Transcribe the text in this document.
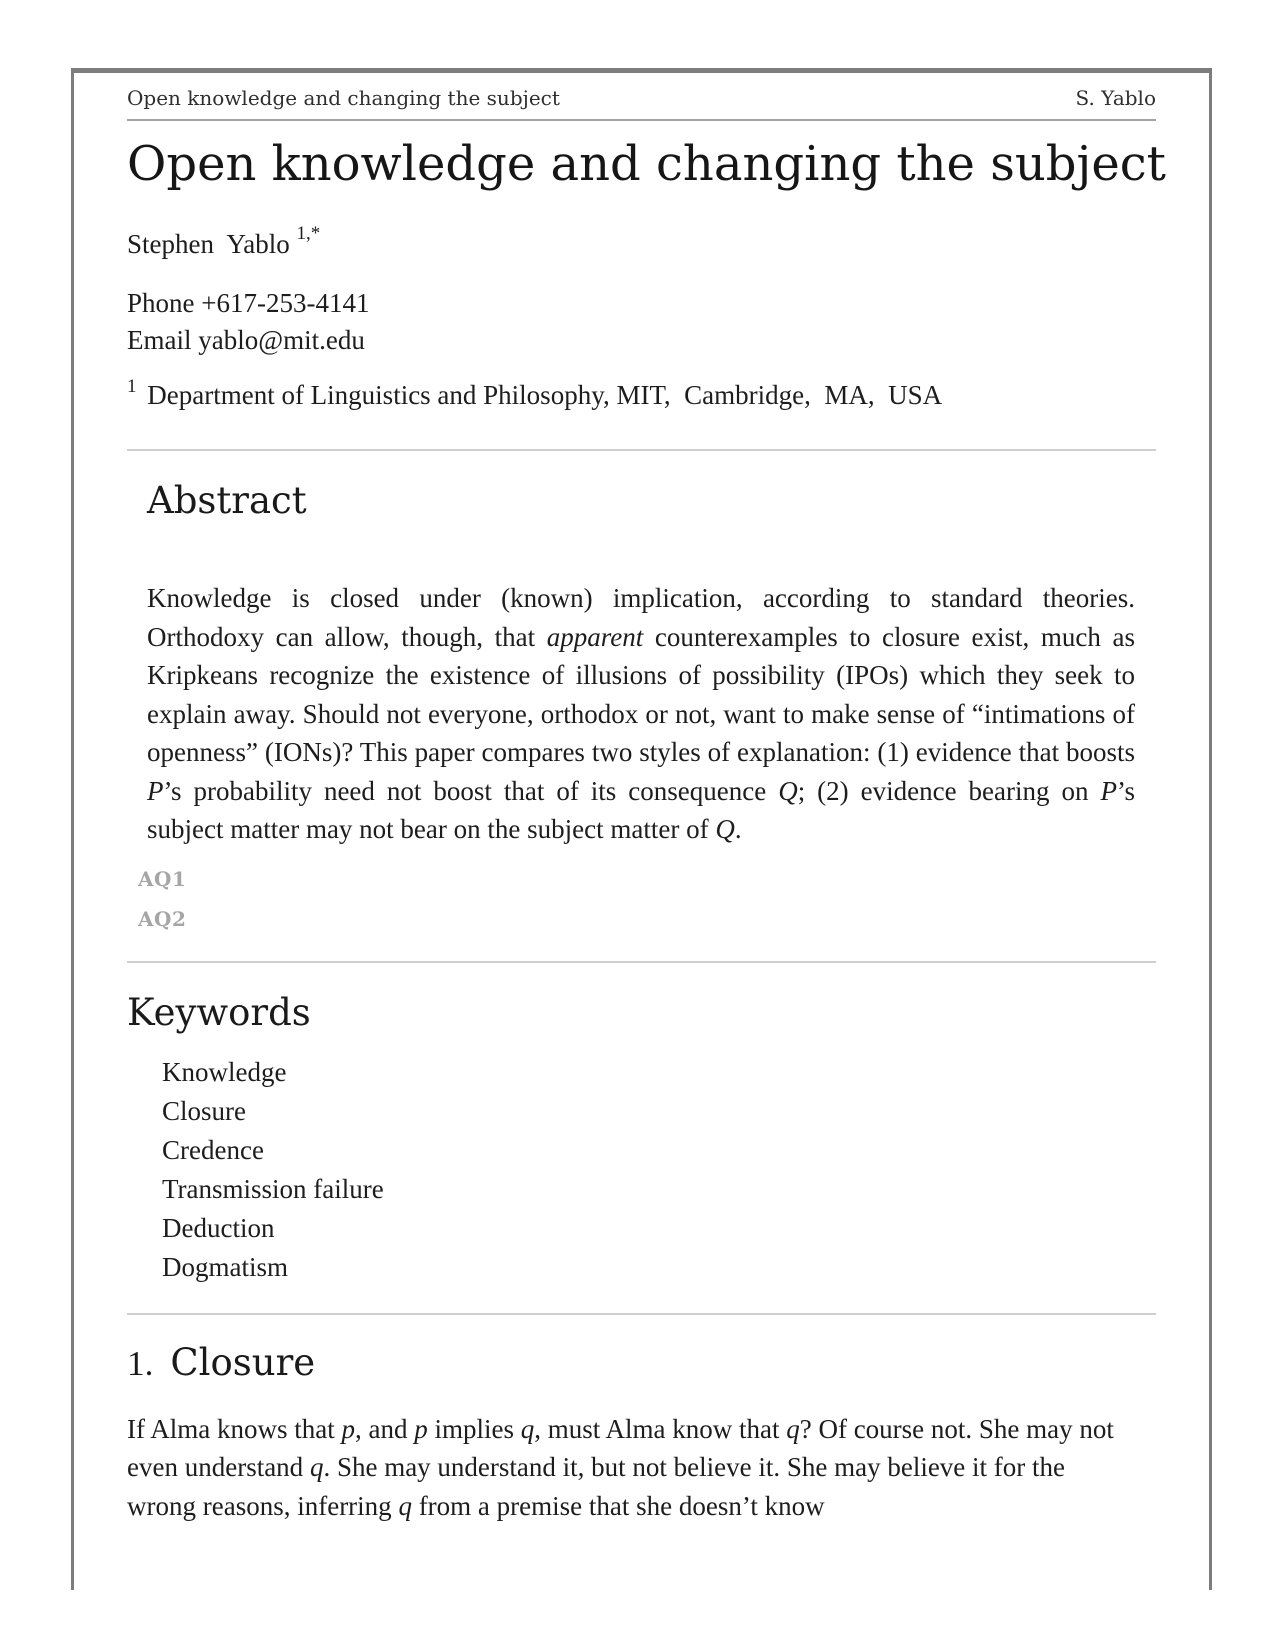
Open knowledge and changing the subject	S. Yablo
Open knowledge and changing the subject
Stephen  Yablo $^{1,*}$
Phone +617-253-4141
Email yablo@mit.edu
$^1$ Department of Linguistics and Philosophy, MIT,  Cambridge,  MA,  USA
Abstract

Knowledge is closed under (known) implication, according to standard theories. Orthodoxy can allow, though, that apparent counterexamples to closure exist, much as Kripkeans recognize the existence of illusions of possibility (IPOs) which they seek to explain away. Should not everyone, orthodox or not, want to make sense of “intimations of openness” (IONs)? This paper compares two styles of explanation: (1) evidence that boosts P’s probability need not boost that of its consequence Q; (2) evidence bearing on P’s subject matter may not bear on the subject matter of Q.

AQ1
AQ2
Keywords
Knowledge
Closure
Credence
Transmission failure
Deduction
Dogmatism
1. Closure

If Alma knows that p, and p implies q, must Alma know that q? Of course not. She may not even understand q. She may understand it, but not believe it. She may believe it for the wrong reasons, inferring q from a premise that she doesn’t know
